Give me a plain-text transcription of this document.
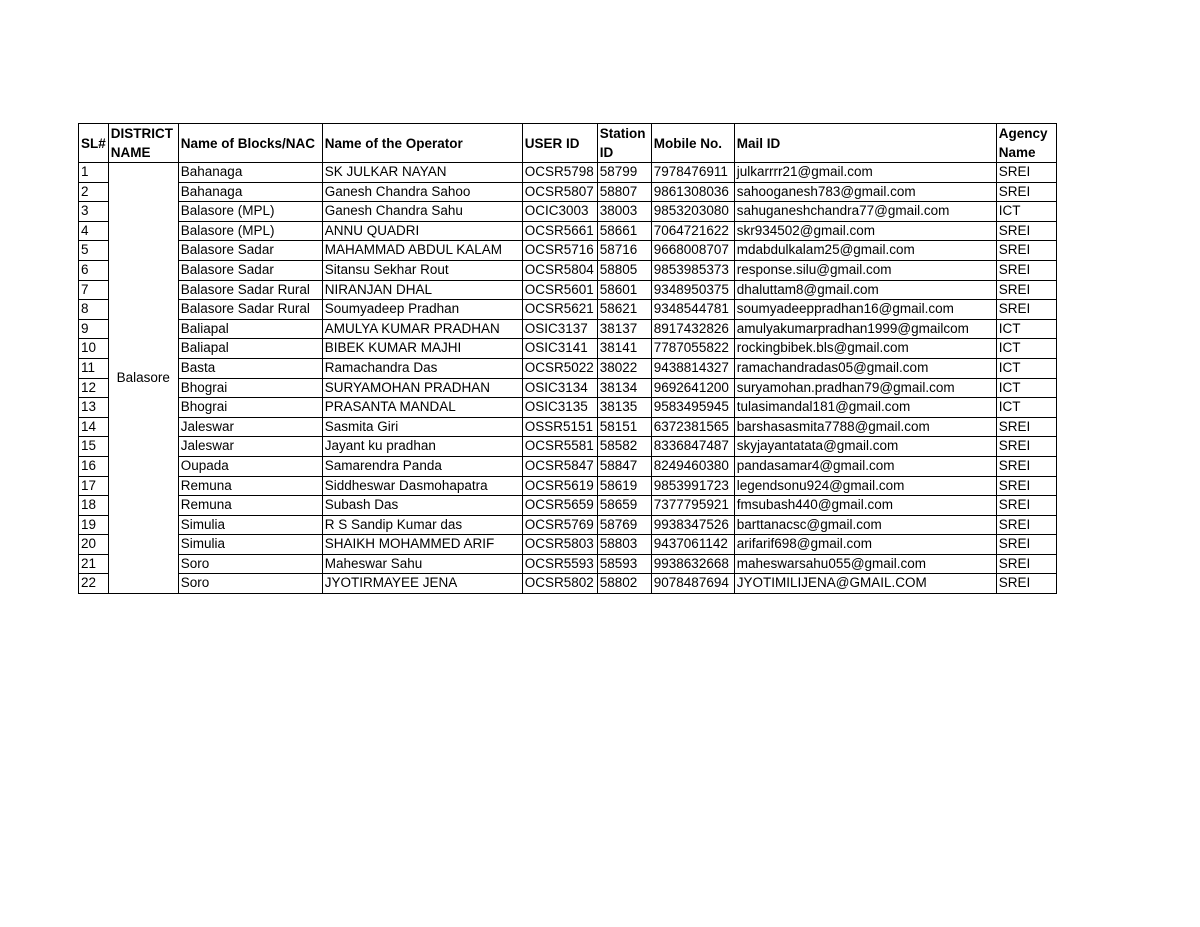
SL#	DISTRICT NAME	Name of Blocks/NAC	Name of the Operator	USER ID	Station ID	Mobile No.	Mail ID	Agency Name
1	Balasore	Bahanaga	SK JULKAR NAYAN	OCSR5798	58799	7978476911	julkarrrr21@gmail.com	SREI
2		Bahanaga	Ganesh Chandra Sahoo	OCSR5807	58807	9861308036	sahooganesh783@gmail.com	SREI
3		Balasore (MPL)	Ganesh Chandra Sahu	OCIC3003	38003	9853203080	sahuganeshchandra77@gmail.com	ICT
4		Balasore (MPL)	ANNU QUADRI	OCSR5661	58661	7064721622	skr934502@gmail.com	SREI
5		Balasore Sadar	MAHAMMAD ABDUL KALAM	OCSR5716	58716	9668008707	mdabdulkalam25@gmail.com	SREI
6		Balasore Sadar	Sitansu Sekhar Rout	OCSR5804	58805	9853985373	response.silu@gmail.com	SREI
7		Balasore Sadar Rural	NIRANJAN DHAL	OCSR5601	58601	9348950375	dhaluttam8@gmail.com	SREI
8		Balasore Sadar Rural	Soumyadeep Pradhan	OCSR5621	58621	9348544781	soumyadeeppradhan16@gmail.com	SREI
9		Baliapal	AMULYA KUMAR PRADHAN	OSIC3137	38137	8917432826	amulyakumarpradhan1999@gmailcom	ICT
10		Baliapal	BIBEK KUMAR MAJHI	OSIC3141	38141	7787055822	rockingbibek.bls@gmail.com	ICT
11		Basta	Ramachandra Das	OCSR5022	38022	9438814327	ramachandradas05@gmail.com	ICT
12		Bhograi	SURYAMOHAN PRADHAN	OSIC3134	38134	9692641200	suryamohan.pradhan79@gmail.com	ICT
13		Bhograi	PRASANTA MANDAL	OSIC3135	38135	9583495945	tulasimandal181@gmail.com	ICT
14		Jaleswar	Sasmita Giri	OSSR5151	58151	6372381565	barshasasmita7788@gmail.com	SREI
15		Jaleswar	Jayant ku pradhan	OCSR5581	58582	8336847487	skyjayantatata@gmail.com	SREI
16		Oupada	Samarendra Panda	OCSR5847	58847	8249460380	pandasamar4@gmail.com	SREI
17		Remuna	Siddheswar Dasmohapatra	OCSR5619	58619	9853991723	legendsonu924@gmail.com	SREI
18		Remuna	Subash Das	OCSR5659	58659	7377795921	fmsubash440@gmail.com	SREI
19		Simulia	R S Sandip Kumar das	OCSR5769	58769	9938347526	barttanacsc@gmail.com	SREI
20		Simulia	SHAIKH MOHAMMED ARIF	OCSR5803	58803	9437061142	arifarif698@gmail.com	SREI
21		Soro	Maheswar Sahu	OCSR5593	58593	9938632668	maheswarsahu055@gmail.com	SREI
22		Soro	JYOTIRMAYEE JENA	OCSR5802	58802	9078487694	JYOTIMILIJENA@GMAIL.COM	SREI
